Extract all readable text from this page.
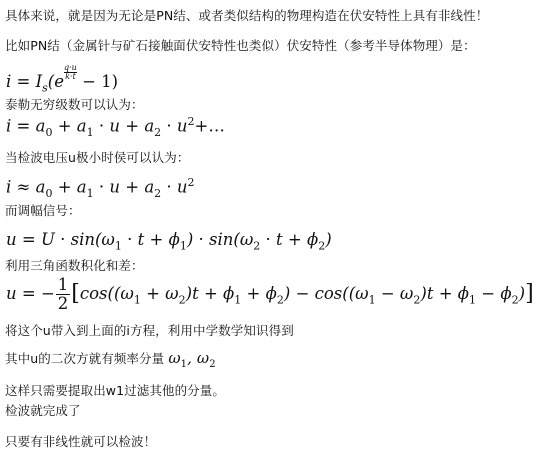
具体来说，就是因为无论是PN结、或者类似结构的物理构造在伏安特性上具有非线性！
比如PN结（金属针与矿石接触面伏安特性也类似）伏安特性（参考半导体物理）是：
$i = I_s(e \frac{q\cdot u}{k\cdot t} - 1)$
泰勒无穷级数可以认为：
$i = a_0 + a_1 \cdot u + a_2$ · $u^2+\dots$
当检波电压u极小时侯可以认为：
$i \approx a_0 + a_1 \cdot u + a_2 \cdot u^2$
而调幅信号：
$u = U \cdot \sin(\omega_1 \cdot t + \phi_1) \cdot \sin(\omega_2 \cdot t + \phi_2)$
利用三角函数积化和差：
u = − $\frac{1}{2} [\cos((\omega_1 + \omega_2)t + \phi_1 + \phi_2) - \cos((\omega_1 - \omega_2)t + \phi_1 - \phi_2)]$
将这个u带入到上面的i方程，利用中学数学知识得到
其中u的二次方就有频率分量 $\omega_1$, $\omega_2$
这样只需要提取出w1过滤其他的分量。
检波就完成了
只要有非线性就可以检波！
